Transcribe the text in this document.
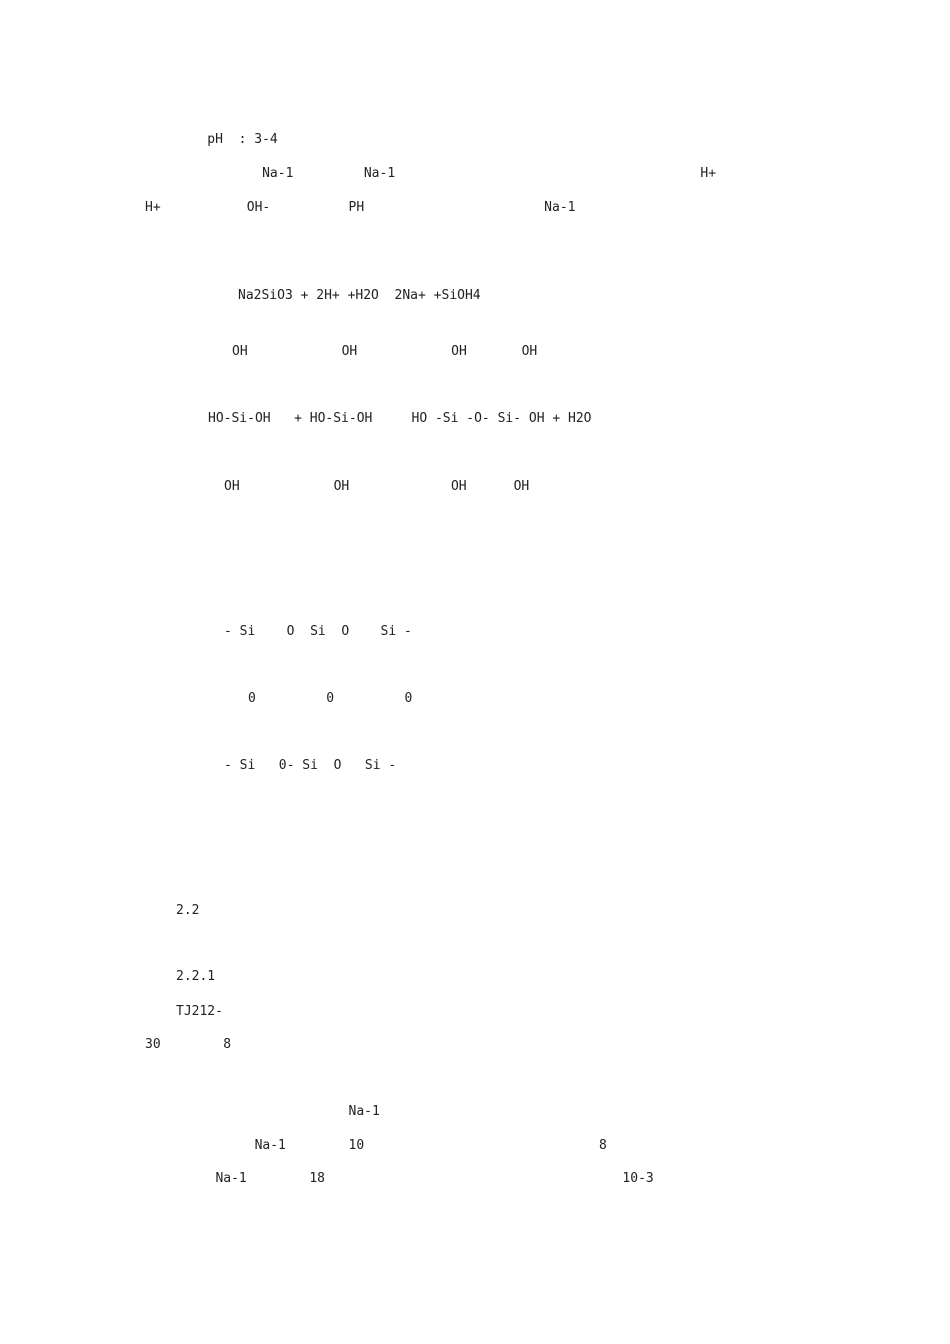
pH  : 3-4
Na-1         Na-1                                       H+
H+           OH-          PH                       Na-1
Na2SiO3 + 2H+ +H2O  2Na+ +SiOH4
OH            OH            OH       OH
HO-Si-OH   + HO-Si-OH     HO -Si -O- Si- OH + H2O
OH            OH             OH      OH
- Si    O  Si  O    Si -
0         0         0
- Si   0- Si  O   Si -
2.2
2.2.1
TJ212-
30        8
Na-1
Na-1        10                              8
Na-1        18                                      10-3
